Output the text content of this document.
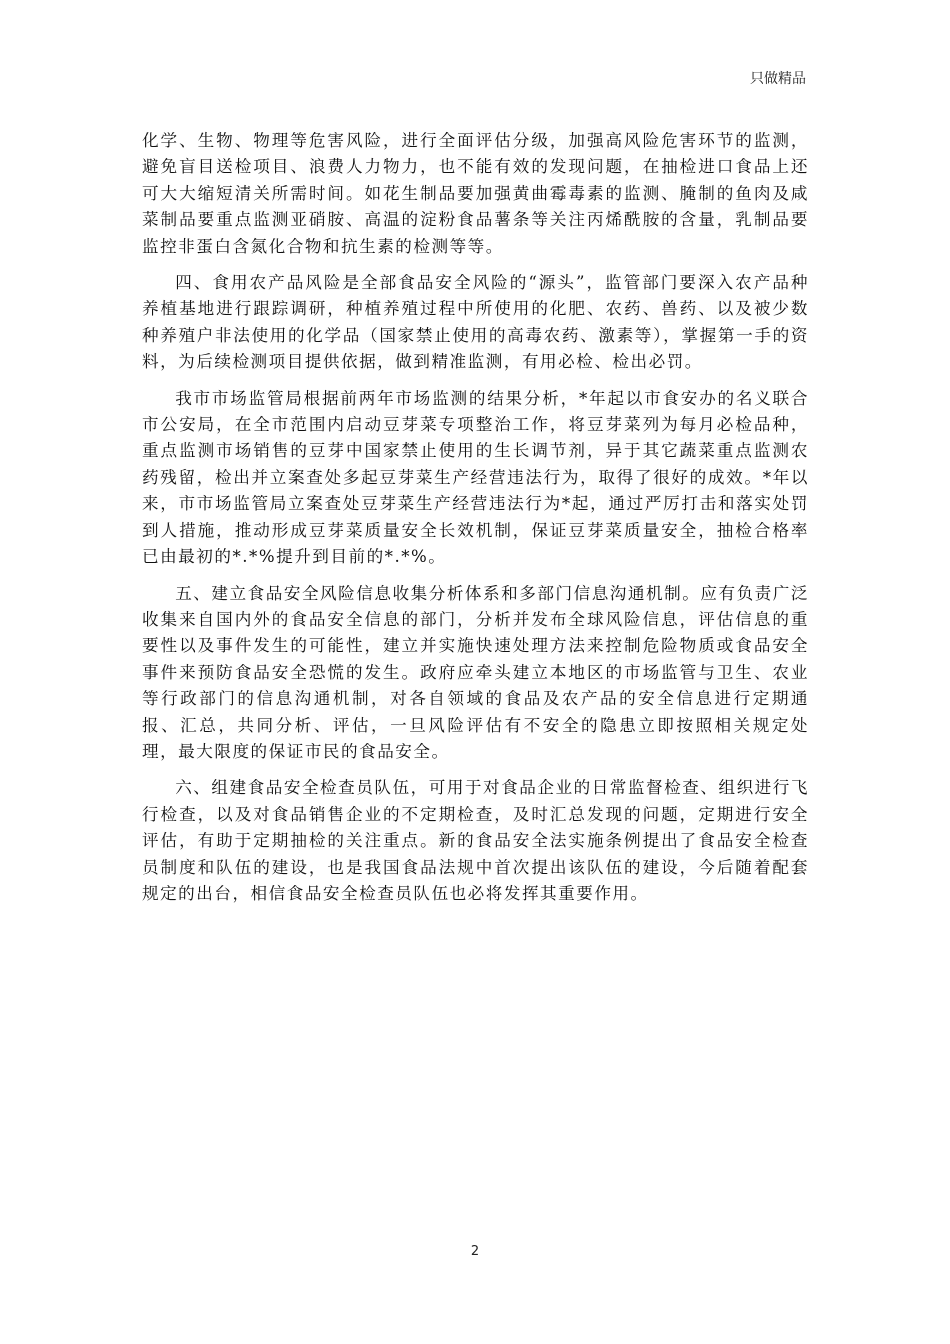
只做精品

化学、生物、物理等危害风险，进行全面评估分级，加强高风险危害环节的监测，避免盲目送检项目、浪费人力物力，也不能有效的发现问题，在抽检进口食品上还可大大缩短清关所需时间。如花生制品要加强黄曲霉毒素的监测、腌制的鱼肉及咸菜制品要重点监测亚硝胺、高温的淀粉食品薯条等关注丙烯酰胺的含量，乳制品要监控非蛋白含氮化合物和抗生素的检测等等。

四、食用农产品风险是全部食品安全风险的“源头”，监管部门要深入农产品种养植基地进行跟踪调研，种植养殖过程中所使用的化肥、农药、兽药、以及被少数种养殖户非法使用的化学品（国家禁止使用的高毒农药、激素等），掌握第一手的资料，为后续检测项目提供依据，做到精准监测，有用必检、检出必罚。

我市市场监管局根据前两年市场监测的结果分析，*年起以市食安办的名义联合市公安局，在全市范围内启动豆芽菜专项整治工作，将豆芽菜列为每月必检品种，重点监测市场销售的豆芽中国家禁止使用的生长调节剂，异于其它蔬菜重点监测农药残留，检出并立案查处多起豆芽菜生产经营违法行为，取得了很好的成效。*年以来，市市场监管局立案查处豆芽菜生产经营违法行为*起，通过严厉打击和落实处罚到人措施，推动形成豆芽菜质量安全长效机制，保证豆芽菜质量安全，抽检合格率已由最初的*.*%提升到目前的*.*%。

五、建立食品安全风险信息收集分析体系和多部门信息沟通机制。应有负责广泛收集来自国内外的食品安全信息的部门，分析并发布全球风险信息，评估信息的重要性以及事件发生的可能性，建立并实施快速处理方法来控制危险物质或食品安全事件来预防食品安全恐慌的发生。政府应牵头建立本地区的市场监管与卫生、农业等行政部门的信息沟通机制，对各自领域的食品及农产品的安全信息进行定期通报、汇总，共同分析、评估，一旦风险评估有不安全的隐患立即按照相关规定处理，最大限度的保证市民的食品安全。

六、组建食品安全检查员队伍，可用于对食品企业的日常监督检查、组织进行飞行检查，以及对食品销售企业的不定期检查，及时汇总发现的问题，定期进行安全评估，有助于定期抽检的关注重点。新的食品安全法实施条例提出了食品安全检查员制度和队伍的建设，也是我国食品法规中首次提出该队伍的建设，今后随着配套规定的出台，相信食品安全检查员队伍也必将发挥其重要作用。

2
